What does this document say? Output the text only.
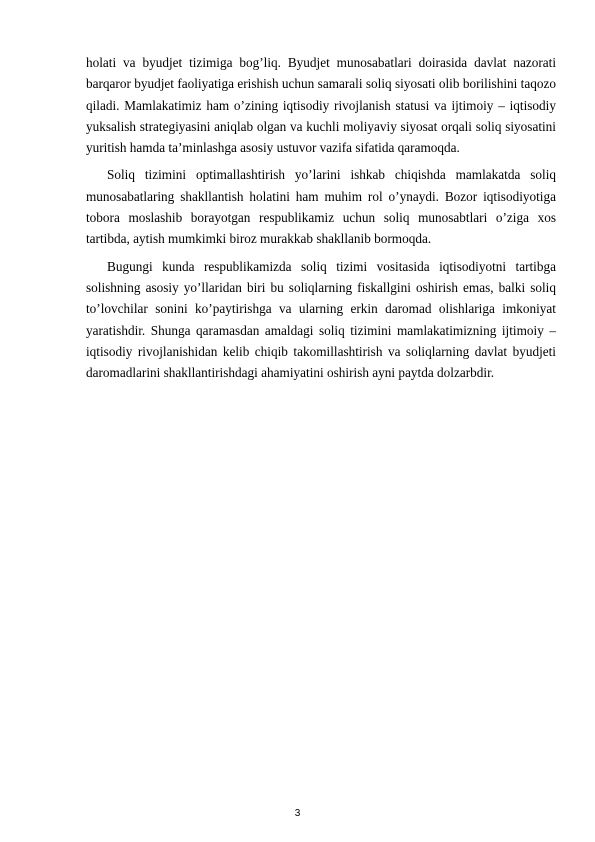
holati va byudjet tizimiga bog’liq. Byudjet munosabatlari doirasida davlat nazorati barqaror byudjet faoliyatiga erishish uchun samarali soliq siyosati olib borilishini taqozo qiladi. Mamlakatimiz ham o’zining iqtisodiy rivojlanish statusi va ijtimoiy – iqtisodiy yuksalish strategiyasini aniqlab olgan va kuchli moliyaviy siyosat orqali soliq siyosatini yuritish hamda ta’minlashga asosiy ustuvor vazifa sifatida qaramoqda.

Soliq tizimini optimallashtirish yo’larini ishkab chiqishda mamlakatda soliq munosabatlaring shakllantish holatini ham muhim rol o’ynaydi. Bozor iqtisodiyotiga tobora moslashib borayotgan respublikamiz uchun soliq munosabtlari o’ziga xos tartibda, aytish mumkimki biroz murakkab shakllanib bormoqda.

Bugungi kunda respublikamizda soliq tizimi vositasida iqtisodiyotni tartibga solishning asosiy yo’llaridan biri bu soliqlarning fiskallgini oshirish emas, balki soliq to’lovchilar sonini ko’paytirishga va ularning erkin daromad olishlariga imkoniyat yaratishdir. Shunga qaramasdan amaldagi soliq tizimini mamlakatimizning ijtimoiy – iqtisodiy rivojlanishidan kelib chiqib takomillashtirish va soliqlarning davlat byudjeti daromadlarini shakllantirishdagi ahamiyatini oshirish ayni paytda dolzarbdir.

3
